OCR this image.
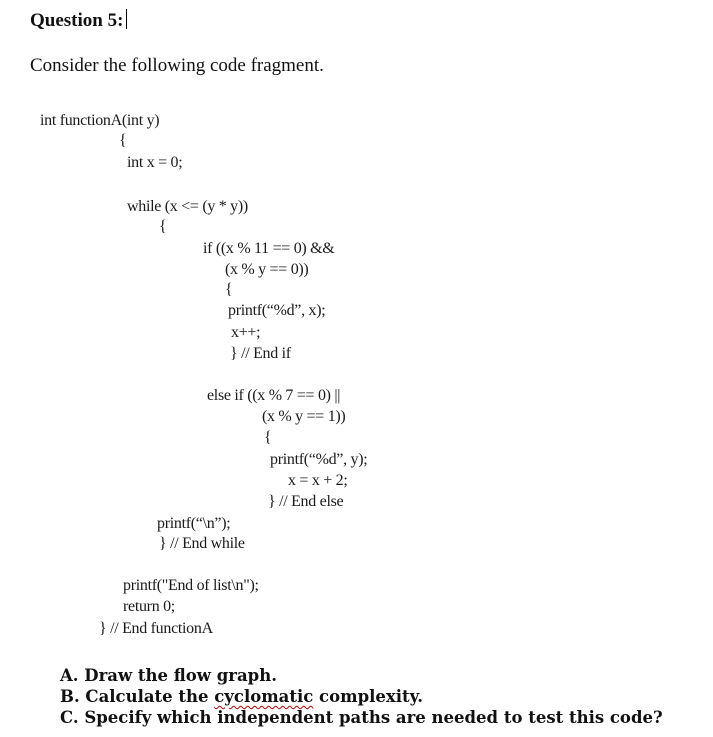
Question 5:
Consider the following code fragment.
int functionA(int y)
{
int x = 0;
while (x <= (y * y))
{
if ((x % 11 == 0) &&
(x % y == 0))
{
printf(“%d”, x);
x++;
} // End if
else if ((x % 7 == 0) ||
(x % y == 1))
{
printf(“%d”, y);
x = x + 2;
} // End else
printf(“\n”);
} // End while
printf("End of list\n");
return 0;
} // End functionA
A. Draw the flow graph.
B. Calculate the cyclomatic complexity.
C. Specify which independent paths are needed to test this code?
